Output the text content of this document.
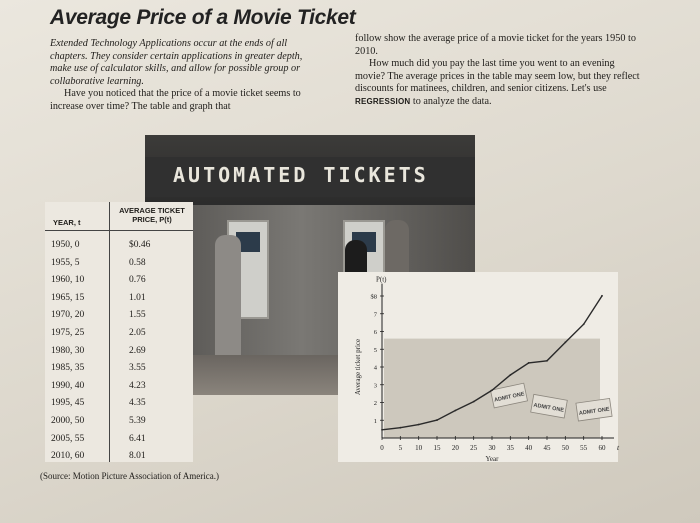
Average Price of a Movie Ticket

Extended Technology Applications occur at the ends of all chapters. They consider certain applications in greater depth, make use of calculator skills, and allow for possible group or collaborative learning.

Have you noticed that the price of a movie ticket seems to increase over time? The table and graph that

follow show the average price of a movie ticket for the years 1950 to 2010.

How much did you pay the last time you went to an evening movie? The average prices in the table may seem low, but they reflect discounts for matinees, children, and senior citizens. Let's use REGRESSION to analyze the data.

AUTOMATED TICKETS
YEAR, t
AVERAGE TICKET
PRICE, P(t)
1950, 0	$0.46
1955, 5	0.58
1960, 10	0.76
1965, 15	1.01
1970, 20	1.55
1975, 25	2.05
1980, 30	2.69
1985, 35	3.55
1990, 40	4.23
1995, 45	4.35
2000, 50	5.39
2005, 55	6.41
2010, 60	8.01
(Source: Motion Picture Association of America.)
ADMIT ONE
ADMIT ONE	ADMIT ONE
0 5 10 15 20 25 30 35 40 45 50 55 60 t
1
2
3
4
5
6
7
$8
P(t)
Average ticket price
Year
